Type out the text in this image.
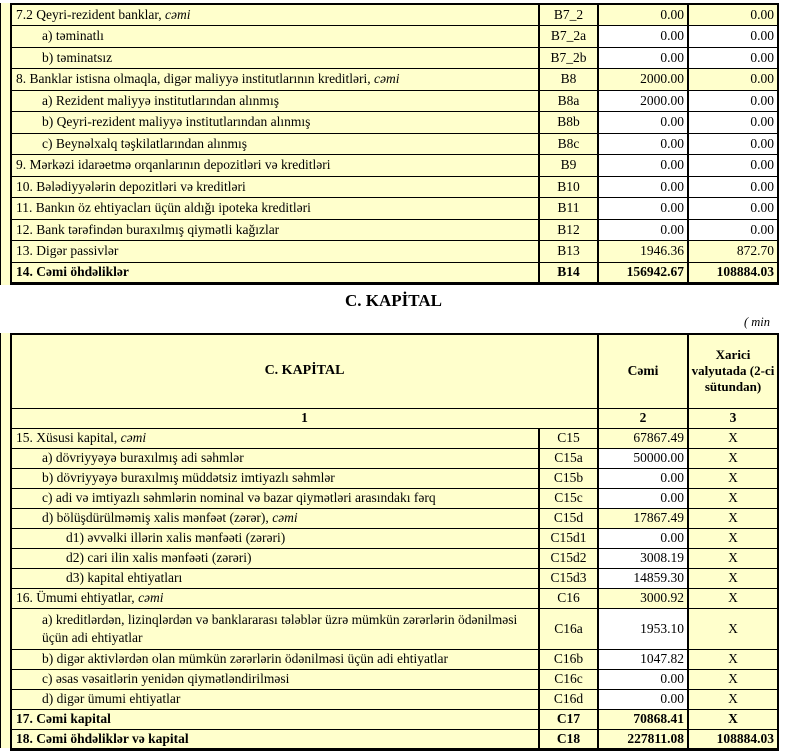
7.2 Qeyri-rezident banklar, cəmi	B7_2	0.00	0.00
a) təminatlı	B7_2a	0.00	0.00
b) təminatsız	B7_2b	0.00	0.00
8. Banklar istisna olmaqla, digər maliyyə institutlarının kreditləri, cəmi	B8	2000.00	0.00
a) Rezident maliyyə institutlarından alınmış	B8a	2000.00	0.00
b) Qeyri-rezident maliyyə institutlarından alınmış	B8b	0.00	0.00
c) Beynəlxalq təşkilatlarından alınmış	B8c	0.00	0.00
9. Mərkəzi idarəetmə orqanlarının depozitləri və kreditləri	B9	0.00	0.00
10. Bələdiyyələrin depozitləri və kreditləri	B10	0.00	0.00
11. Bankın öz ehtiyacları üçün aldığı ipoteka kreditləri	B11	0.00	0.00
12. Bank tərəfindən buraxılmış qiymətli kağızlar	B12	0.00	0.00
13. Digər passivlər	B13	1946.36	872.70
14. Cəmi öhdəliklər	B14	156942.67	108884.03
C. KAPİTAL
( min
C. KAPİTAL		Cəmi	Xarici valyutada (2-ci sütundan)
1		2	3
15. Xüsusi kapital, cəmi	C15	67867.49	X
a) dövriyyəyə buraxılmış adi səhmlər	C15a	50000.00	X
b) dövriyyəyə buraxılmış müddətsiz imtiyazlı səhmlər	C15b	0.00	X
c) adi və imtiyazlı səhmlərin nominal və bazar qiymətləri arasındakı fərq	C15c	0.00	X
d) bölüşdürülməmiş xalis mənfəət (zərər), cəmi	C15d	17867.49	X
d1) əvvəlki illərin xalis mənfəəti (zərəri)	C15d1	0.00	X
d2) cari ilin xalis mənfəəti (zərəri)	C15d2	3008.19	X
d3) kapital ehtiyatları	C15d3	14859.30	X
16. Ümumi ehtiyatlar, cəmi	C16	3000.92	X
a) kreditlərdən, lizinqlərdən və banklararası tələblər üzrə mümkün zərərlərin ödənilməsi üçün adi ehtiyatlar	C16a	1953.10	X
b) digər aktivlərdən olan mümkün zərərlərin ödənilməsi üçün adi ehtiyatlar	C16b	1047.82	X
c) əsas vəsaitlərin yenidən qiymətləndirilməsi	C16c	0.00	X
d) digər ümumi ehtiyatlar	C16d	0.00	X
17. Cəmi kapital	C17	70868.41	X
18. Cəmi öhdəliklər və kapital	C18	227811.08	108884.03
